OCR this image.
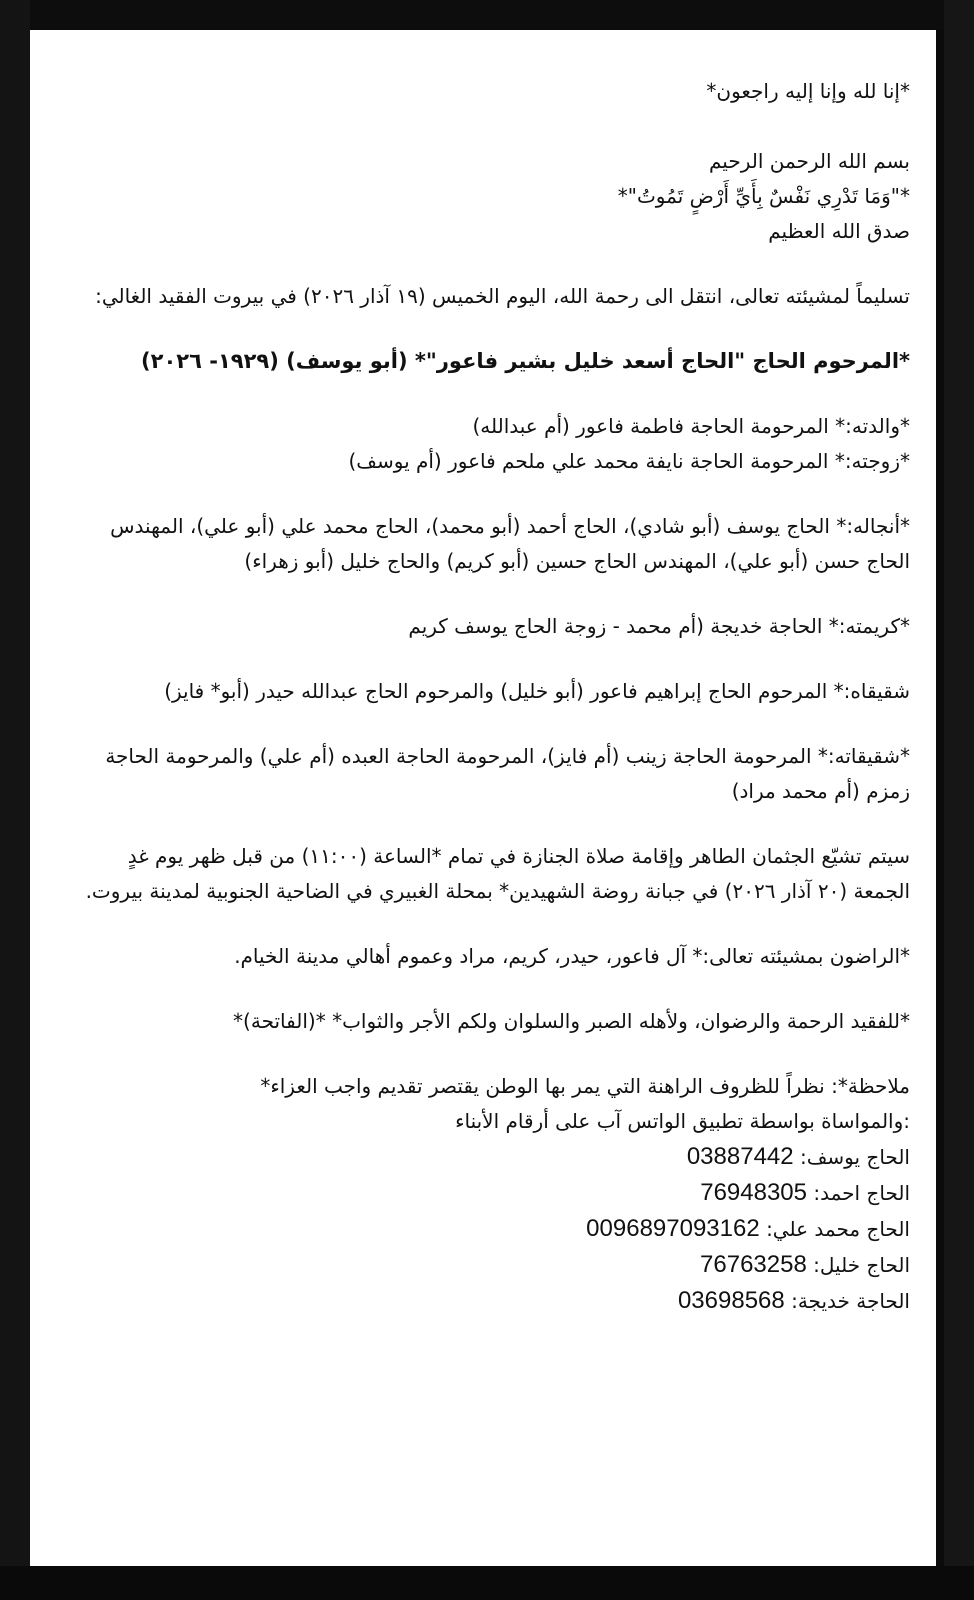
*إنا لله وإنا إليه راجعون*

بسم الله الرحمن الرحيم

*"وَمَا تَدْرِي نَفْسٌ بِأَيِّ أَرْضٍ تَمُوتُ"*

صدق الله العظيم

تسليماً لمشيئته تعالى، انتقل الى رحمة الله، اليوم الخميس (١٩ آذار ٢٠٢٦) في بيروت الفقيد الغالي:

*المرحوم الحاج "الحاج أسعد خليل بشير فاعور"* (أبو يوسف) (١٩٢٩- ٢٠٢٦)

*والدته:* المرحومة الحاجة فاطمة فاعور (أم عبدالله)

*زوجته:* المرحومة الحاجة نايفة محمد علي ملحم فاعور (أم يوسف)

*أنجاله:* الحاج يوسف (أبو شادي)، الحاج أحمد (أبو محمد)، الحاج محمد علي (أبو علي)، المهندس الحاج حسن (أبو علي)، المهندس الحاج حسين (أبو كريم) والحاج خليل (أبو زهراء)

*كريمته:* الحاجة خديجة (أم محمد - زوجة الحاج يوسف كريم

شقيقاه:* المرحوم الحاج إبراهيم فاعور (أبو خليل) والمرحوم الحاج عبدالله حيدر (أبو* فايز)

*شقيقاته:* المرحومة الحاجة زينب (أم فايز)، المرحومة الحاجة العبده (أم علي) والمرحومة الحاجة زمزم (أم محمد مراد)

سيتم تشيّع الجثمان الطاهر وإقامة صلاة الجنازة في تمام *الساعة (١١:٠٠) من قبل ظهر يوم غدٍ الجمعة (٢٠ آذار ٢٠٢٦) في جبانة روضة الشهيدين* بمحلة الغبيري في الضاحية الجنوبية لمدينة بيروت.

*الراضون بمشيئته تعالى:* آل فاعور، حيدر، كريم، مراد وعموم أهالي مدينة الخيام.

*للفقيد الرحمة والرضوان، ولأهله الصبر والسلوان ولكم الأجر والثواب* *(الفاتحة)*

ملاحظة*: نظراً للظروف الراهنة التي يمر بها الوطن يقتصر تقديم واجب العزاء*

:والمواساة بواسطة تطبيق الواتس آب على أرقام الأبناء

الحاج يوسف: 03887442

الحاج احمد: 76948305

الحاج محمد علي: 0096897093162

الحاج خليل: 76763258

الحاجة خديجة: 03698568
